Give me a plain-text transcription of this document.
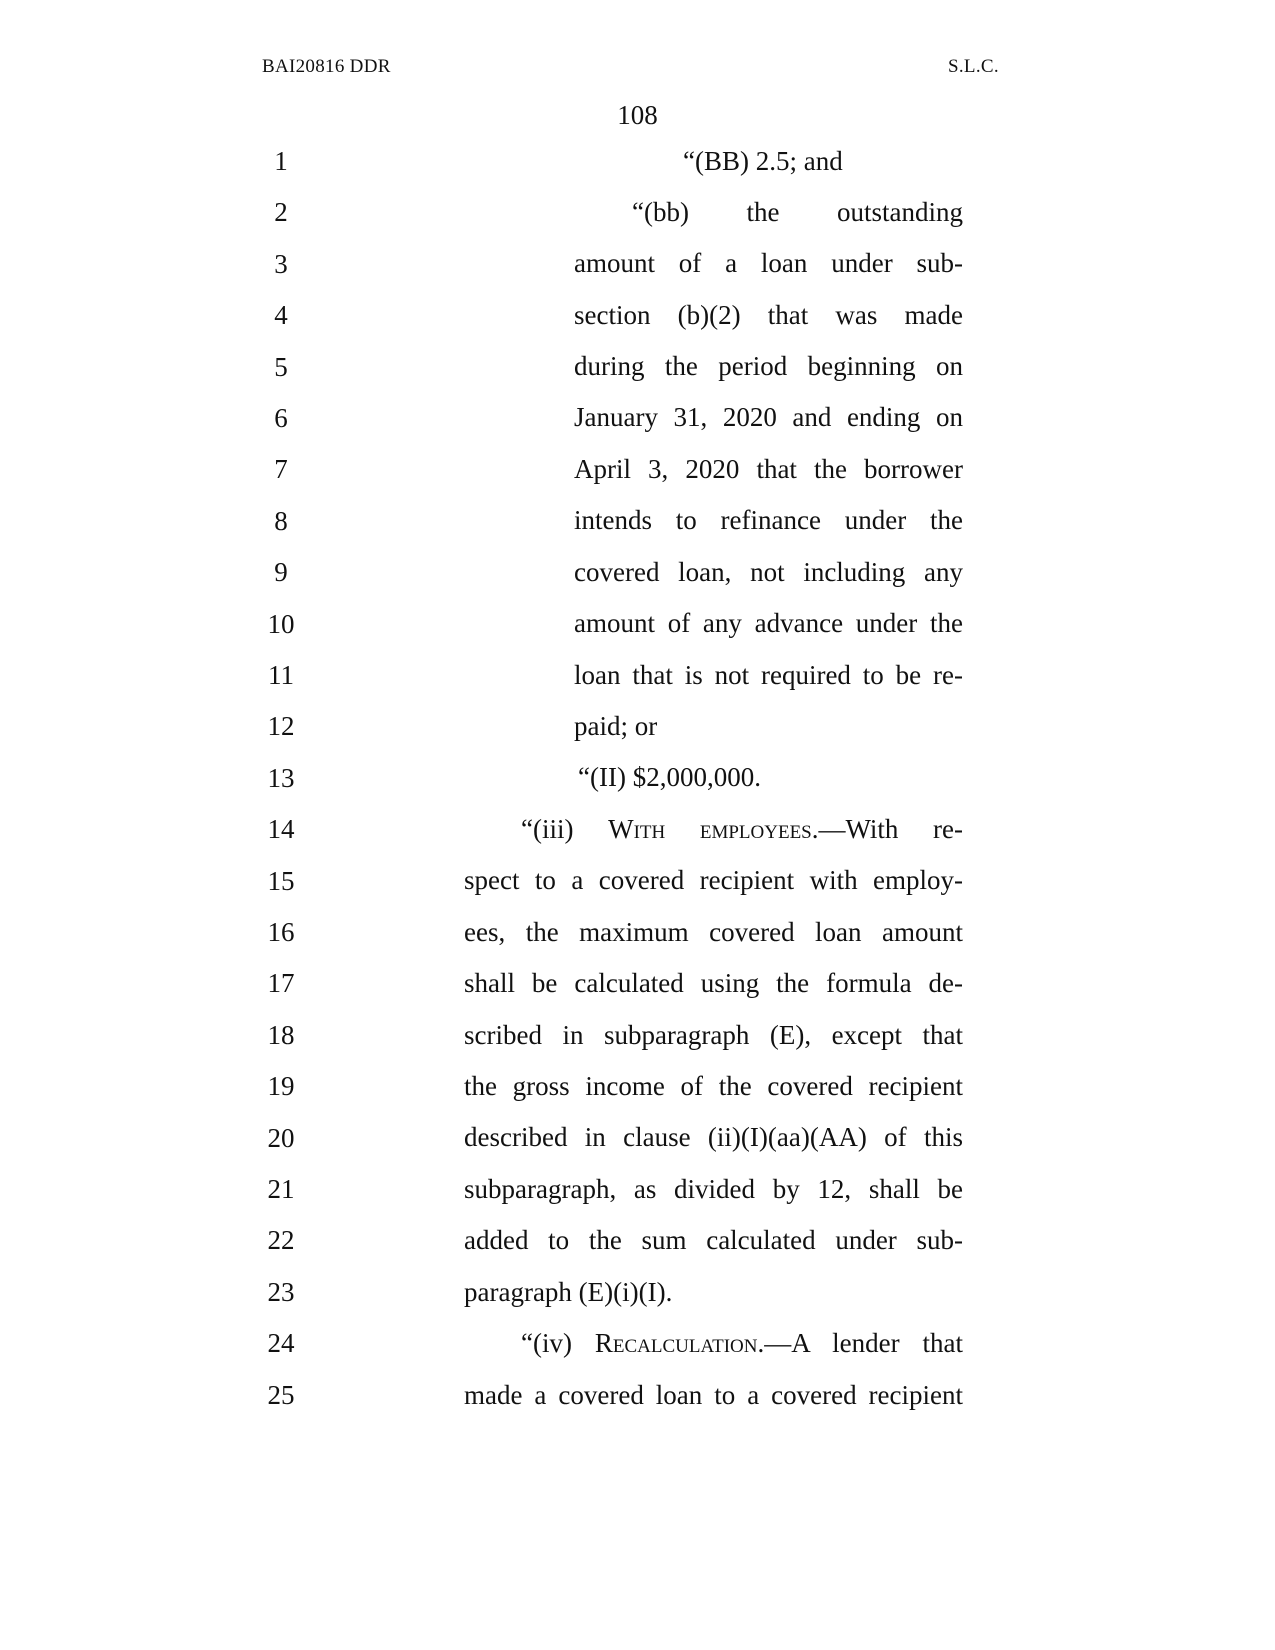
BAI20816 DDR	S.L.C.
108
1
2
3
4
5
6
7
8
9
10
11
12
13
14
15
16
17
18
19
20
21
22
23
24
25
“(BB) 2.5; and
“(bb) the outstanding
amount of a loan under sub-
section (b)(2) that was made
during the period beginning on
January 31, 2020 and ending on
April 3, 2020 that the borrower
intends to refinance under the
covered loan, not including any
amount of any advance under the
loan that is not required to be re-
paid; or
“(II) $2,000,000.
“(iii) With employees.—With re-
spect to a covered recipient with employ-
ees, the maximum covered loan amount
shall be calculated using the formula de-
scribed in subparagraph (E), except that
the gross income of the covered recipient
described in clause (ii)(I)(aa)(AA) of this
subparagraph, as divided by 12, shall be
added to the sum calculated under sub-
paragraph (E)(i)(I).
“(iv) Recalculation.—A lender that
made a covered loan to a covered recipient
